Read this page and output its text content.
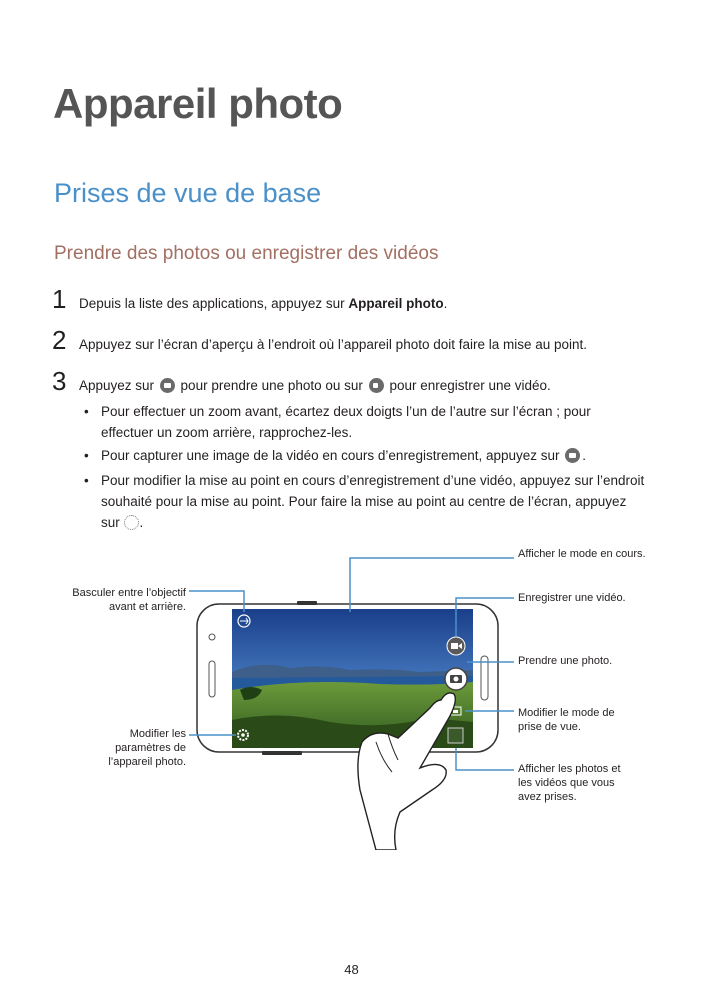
Appareil photo
Prises de vue de base
Prendre des photos ou enregistrer des vidéos
1 Depuis la liste des applications, appuyez sur Appareil photo.
2 Appuyez sur l’écran d’aperçu à l’endroit où l’appareil photo doit faire la mise au point.
3 Appuyez sur  pour prendre une photo ou sur  pour enregistrer une vidéo.
• Pour effectuer un zoom avant, écartez deux doigts l’un de l’autre sur l’écran ; pour effectuer un zoom arrière, rapprochez-les.
• Pour capturer une image de la vidéo en cours d’enregistrement, appuyez sur .
• Pour modifier la mise au point en cours d’enregistrement d’une vidéo, appuyez sur l’endroit souhaité pour la mise au point. Pour faire la mise au point au centre de l’écran, appuyez sur .
Afficher le mode en cours.
Basculer entre l’objectif avant et arrière.
Enregistrer une vidéo.
Prendre une photo.
Modifier le mode de prise de vue.
Modifier les paramètres de l’appareil photo.
Afficher les photos et les vidéos que vous avez prises.
48
